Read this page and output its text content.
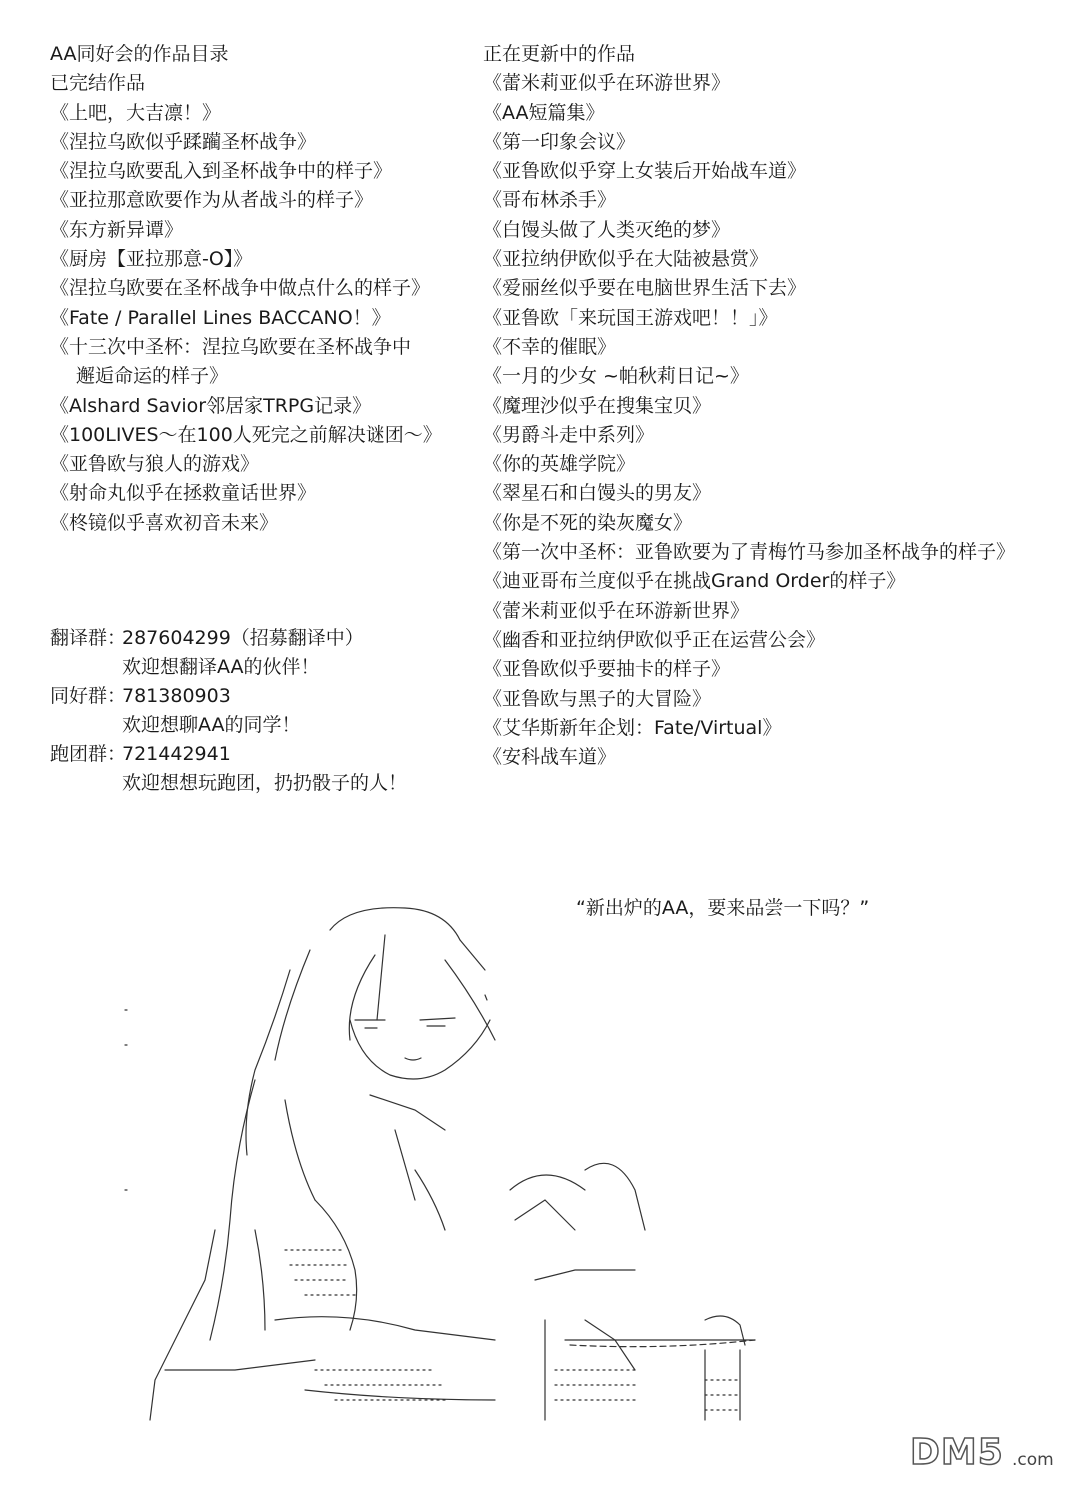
AA同好会的作品目录
已完结作品
《上吧，大吉凛！》
《涅拉乌欧似乎蹂躏圣杯战争》
《涅拉乌欧要乱入到圣杯战争中的样子》
《亚拉那意欧要作为从者战斗的样子》
《东方新异谭》
《厨房【亚拉那意-O】》
《涅拉乌欧要在圣杯战争中做点什么的样子》
《Fate / Parallel Lines BACCANO！》
《十三次中圣杯：涅拉乌欧要在圣杯战争中
邂逅命运的样子》
《Alshard Savior邻居家TRPG记录》
《100LIVES～在100人死完之前解决谜团～》
《亚鲁欧与狼人的游戏》
《射命丸似乎在拯救童话世界》
《柊镜似乎喜欢初音未来》
正在更新中的作品
《蕾米莉亚似乎在环游世界》
《AA短篇集》
《第一印象会议》
《亚鲁欧似乎穿上女装后开始战车道》
《哥布林杀手》
《白馒头做了人类灭绝的梦》
《亚拉纳伊欧似乎在大陆被悬赏》
《爱丽丝似乎要在电脑世界生活下去》
《亚鲁欧「来玩国王游戏吧！！」》
《不幸的催眠》
《一月的少女 ~帕秋莉日记~》
《魔理沙似乎在搜集宝贝》
《男爵斗走中系列》
《你的英雄学院》
《翠星石和白馒头的男友》
《你是不死的染灰魔女》
《第一次中圣杯：亚鲁欧要为了青梅竹马参加圣杯战争的样子》
《迪亚哥布兰度似乎在挑战Grand Order的样子》
《蕾米莉亚似乎在环游新世界》
《幽香和亚拉纳伊欧似乎正在运营公会》
《亚鲁欧似乎要抽卡的样子》
《亚鲁欧与黑子的大冒险》
《艾华斯新年企划：Fate/Virtual》
《安科战车道》
翻译群：
287604299（招募翻译中）
欢迎想翻译AA的伙伴！
同好群：
781380903
欢迎想聊AA的同学！
跑团群：
721442941
欢迎想想玩跑团，扔扔骰子的人！
“新出炉的AA，要来品尝一下吗？”
DM5 .com
